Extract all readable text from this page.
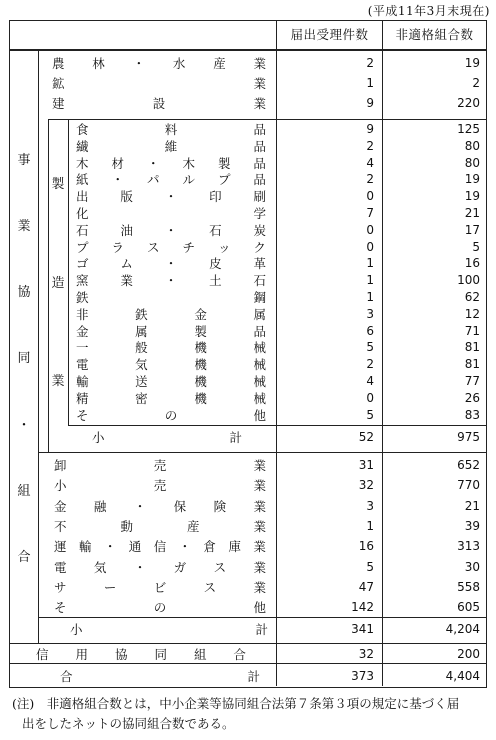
(平成11年3月末現在)
届出受理件数	非適格組合数
事
業
協
同
・
組
合
製
造
業
農 林 ・ 水 産 業	2	19
鉱	業	1	2
建	設	業	9	220
食	料	品	9	125
繊	維	品	2	80
木 材 ・ 木 製 品	4	80
紙 ・ パ ル プ 品	2	19
出	版	・	印	刷	0	19
化	学	7	21
石	油	・	石	炭	0	17
プ ラ ス チ ッ ク	0	5
ゴ	ム	・	皮	革	1	16
窯	業	・	土	石	1	100
鉄	鋼	1	62
非	鉄	金	属	3	12
金	属	製	品	6	71
一	般	機	械	5	81
電	気	機	械	2	81
輸	送	機	械	4	77
精	密	機	械	0	26
そ	の	他	5	83
小	計	52	975
卸	売	業	31	652
小	売	業	32	770
金 融 ・ 保 険 業	3	21
不	動	産	業	1	39
運 輸 ・ 通 信 ・ 倉 庫 業	16	313
電 気 ・ ガ ス 業	5	30
サ	ー	ビ	ス	業	47	558
そ	の	他	142	605
小	計	341	4,204
信 用 協 同 組 合	32	200
合	計	373	4,404
(注)　非適格組合数とは，中小企業等協同組合法第７条第３項の規定に基づく届
出をしたネットの協同組合数である。
